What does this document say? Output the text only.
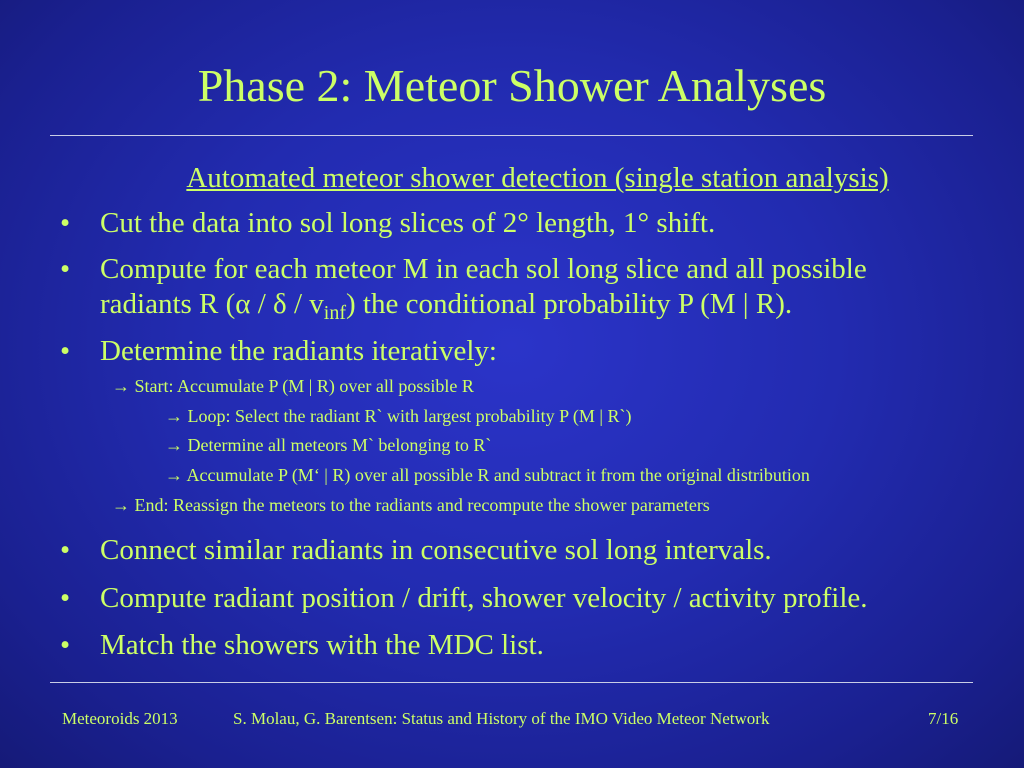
Phase 2: Meteor Shower Analyses
Automated meteor shower detection (single station analysis)
• Cut the data into sol long slices of 2° length, 1° shift.
• Compute for each meteor M in each sol long slice and all possible
radiants R (α / δ / $v_{inf}$) the conditional probability P (M | R).
• Determine the radiants iteratively:
→ Start: Accumulate P (M | R) over all possible R
→ Loop: Select the radiant R` with largest probability P (M | R`)
→ Determine all meteors M` belonging to R`
→ Accumulate P (M‘ | R) over all possible R and subtract it from the original distribution
→ End: Reassign the meteors to the radiants and recompute the shower parameters
• Connect similar radiants in consecutive sol long intervals.
• Compute radiant position / drift, shower velocity / activity profile.
• Match the showers with the MDC list.
Meteoroids 2013	S. Molau, G. Barentsen: Status and History of the IMO Video Meteor Network	7/16
